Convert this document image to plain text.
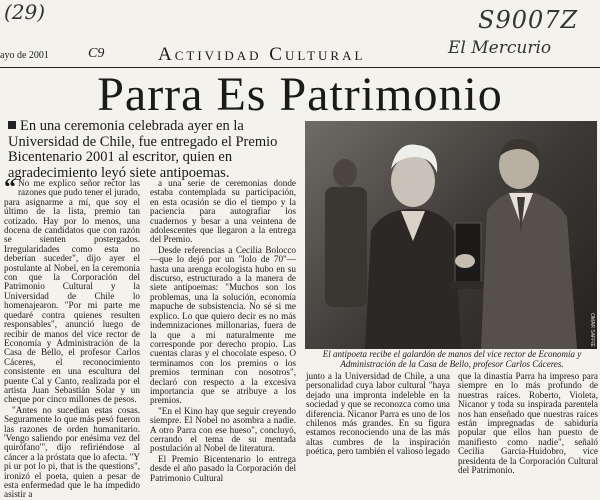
(29)	S9007Z
El Mercurio
ayo de 2001	C9	Actividad Cultural
Parra Es Patrimonio
En una ceremonia celebrada ayer en la Universidad de Chile, fue entregado el Premio Bicentenario 2001 al escritor, quien en agradecimiento leyó siete antipoemas.

“ No me explico señor rector las razones que pudo tener el jurado, para asignarme a mí, que soy el último de la lista, premio tan cotizado. Hay por lo menos, una docena de candidatos que con razón se sienten postergados. Irregularidades como esta no deberían suceder", dijo ayer el postulante al Nobel, en la ceremonia con que la Corporación del Patrimonio Cultural y la Universidad de Chile lo homenajearon. "Por mi parte me quedaré contra quienes resulten responsables", anunció luego de recibir de manos del vice rector de Economía y Administración de la Casa de Bello, el profesor Carlos Cáceres, el reconocimiento consistente en una escultura del puente Cal y Canto, realizada por el artista Juan Sebastián Solar y un cheque por cinco millones de pesos.

"Antes no sucedían estas cosas. Seguramente lo que más pesó fueron las razones de orden humanitario. 'Vengo saliendo por enésima vez del quirófano'", dijo refiriéndose al cáncer a la próstata que lo afecta. "Y pi ur pot lo pi, that is the questions", ironizó el poeta, quien a pesar de esta enfermedad que le ha impedido asistir a

a una serie de ceremonias donde estaba contemplada su participación, en esta ocasión se dio el tiempo y la paciencia para autografiar los cuadernos y besar a una veintena de adolescentes que llegaron a la entrega del Premio.

Desde referencias a Cecilia Bolocco —que lo dejó por un "lolo de 70"— hasta una arenga ecologista hubo en su discurso, estructurado a la manera de siete antipoemas: "Muchos son los problemas, una la solución, economía mapuche de subsistencia. No sé si me explico. Lo que quiero decir es no más indemnizaciones millonarias, fuera de la que a mí naturalmente me corresponde por derecho propio. Las cuentas claras y el chocolate espeso. O terminamos con los premios o los premios terminan con nosotros", declaró con respecto a la excesiva importancia que se atribuye a los premios.

"En el Kino hay que seguir creyendo siempre. El Nobel no asombra a nadie. A otro Parra con ese hueso", concluyó, cerrando el tema de su mentada postulación al Nobel de literatura.

El Premio Bicentenario lo entrega desde el año pasado la Corporación del Patrimonio Cultural

OMAR SAFFIE
El antipoeta recibe el galardón de manos del vice rector de Economía y Administración de la Casa de Bello, profesor Carlos Cáceres.

junto a la Universidad de Chile, a una personalidad cuya labor cultural "haya dejado una impronta indeleble en la sociedad y que se reconozca como una diferencia. Nicanor Parra es uno de los chilenos más grandes. En su figura estamos reconociendo una de las más altas cumbres de la inspiración poética, pero también el valioso legado

que la dinastía Parra ha impreso para siempre en lo más profundo de nuestras raíces. Roberto, Violeta, Nicanor y toda su inspirada parentela nos han enseñado que nuestras raíces están impregnadas de sabiduría popular que ellos han puesto de manifiesto como nadie", señaló Cecilia García-Huidobro, vice presidenta de la Corporación Cultural del Patrimonio.
